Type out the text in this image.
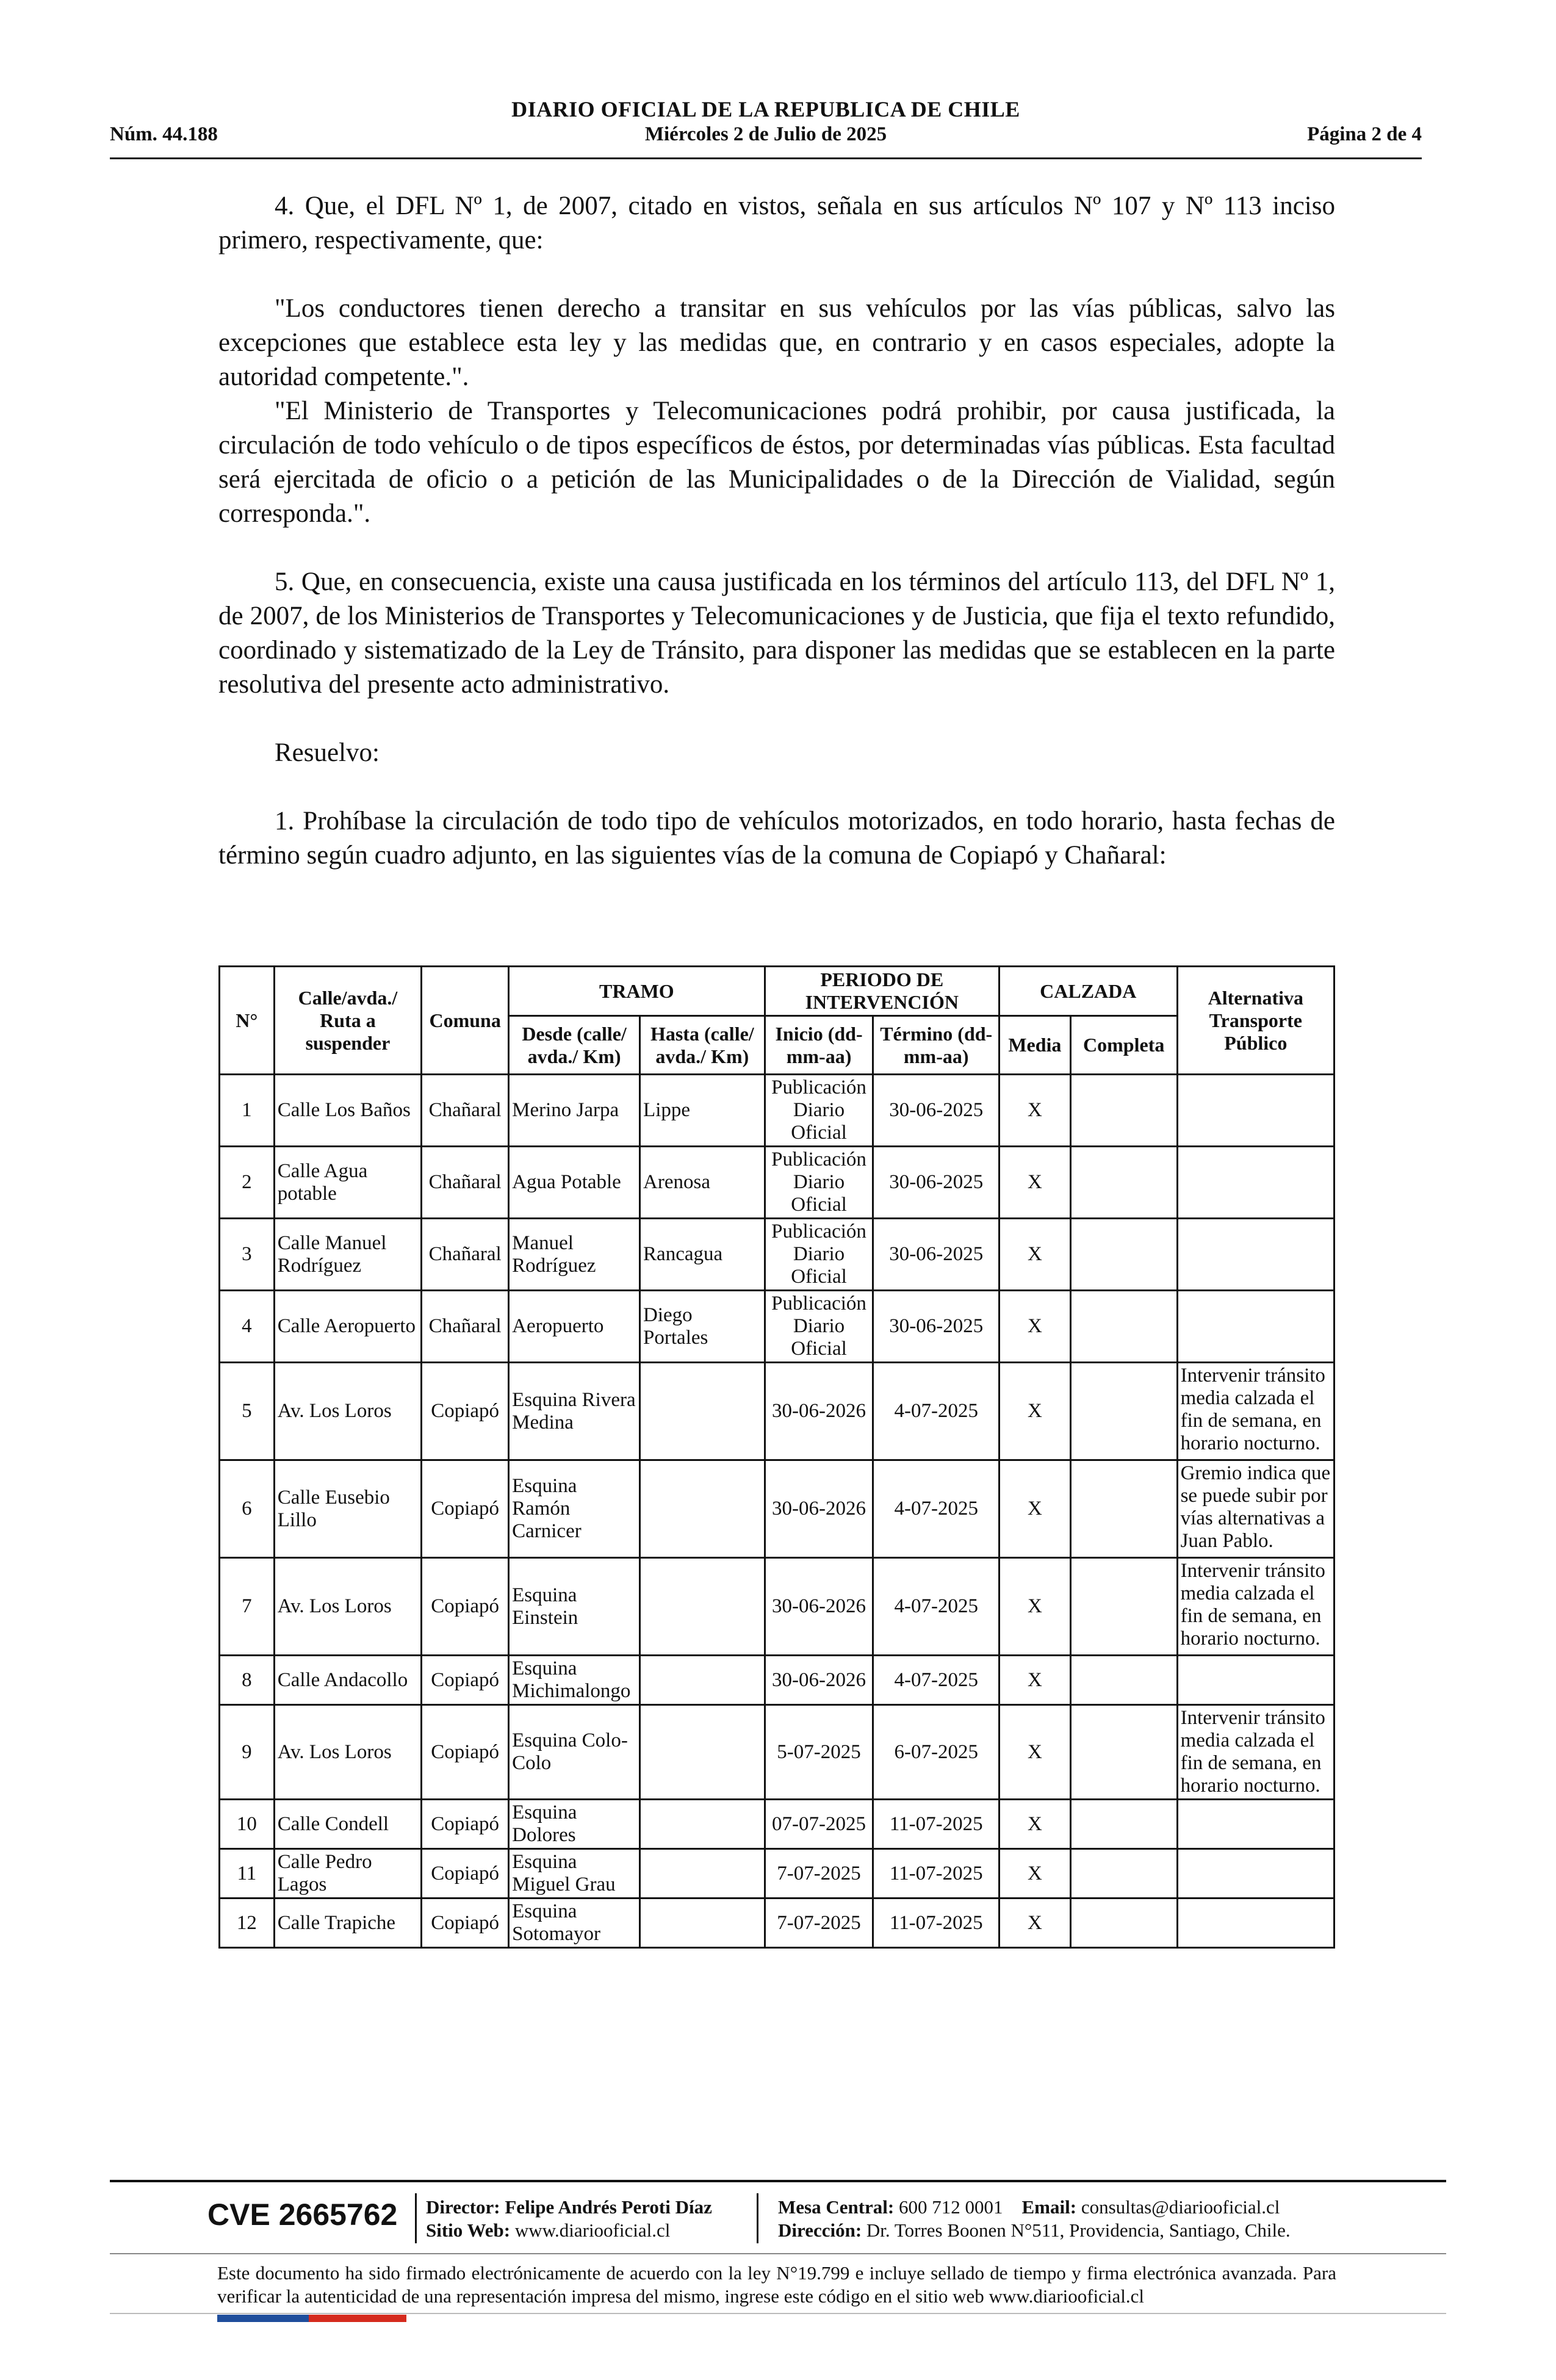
DIARIO OFICIAL DE LA REPUBLICA DE CHILE
Núm. 44.188	Miércoles 2 de Julio de 2025	Página 2 de 4

4. Que, el DFL Nº 1, de 2007, citado en vistos, señala en sus artículos Nº 107 y Nº 113 inciso primero, respectivamente, que:

"Los conductores tienen derecho a transitar en sus vehículos por las vías públicas, salvo las excepciones que establece esta ley y las medidas que, en contrario y en casos especiales, adopte la autoridad competente.".

"El Ministerio de Transportes y Telecomunicaciones podrá prohibir, por causa justificada, la circulación de todo vehículo o de tipos específicos de éstos, por determinadas vías públicas. Esta facultad será ejercitada de oficio o a petición de las Municipalidades o de la Dirección de Vialidad, según corresponda.".

5. Que, en consecuencia, existe una causa justificada en los términos del artículo 113, del DFL Nº 1, de 2007, de los Ministerios de Transportes y Telecomunicaciones y de Justicia, que fija el texto refundido, coordinado y sistematizado de la Ley de Tránsito, para disponer las medidas que se establecen en la parte resolutiva del presente acto administrativo.

Resuelvo:

1. Prohíbase la circulación de todo tipo de vehículos motorizados, en todo horario, hasta fechas de término según cuadro adjunto, en las siguientes vías de la comuna de Copiapó y Chañaral:

N°	Calle/avda./ Ruta a suspender	Comuna	TRAMO		PERIODO DE INTERVENCIÓN		CALZADA		Alternativa Transporte Público
			Desde (calle/ avda./ Km)	Hasta (calle/ avda./ Km)	Inicio (dd-mm-aa)	Término (dd-mm-aa)	Media	Completa	
1	Calle Los Baños	Chañaral	Merino Jarpa	Lippe	Publicación Diario Oficial	30-06-2025	X		
2	Calle Agua potable	Chañaral	Agua Potable	Arenosa	Publicación Diario Oficial	30-06-2025	X		
3	Calle Manuel Rodríguez	Chañaral	Manuel Rodríguez	Rancagua	Publicación Diario Oficial	30-06-2025	X		
4	Calle Aeropuerto	Chañaral	Aeropuerto	Diego Portales	Publicación Diario Oficial	30-06-2025	X		
5	Av. Los Loros	Copiapó	Esquina Rivera Medina		30-06-2026	4-07-2025	X		Intervenir tránsito media calzada el fin de semana, en horario nocturno.
6	Calle Eusebio Lillo	Copiapó	Esquina Ramón Carnicer		30-06-2026	4-07-2025	X		Gremio indica que se puede subir por vías alternativas a Juan Pablo.
7	Av. Los Loros	Copiapó	Esquina Einstein		30-06-2026	4-07-2025	X		Intervenir tránsito media calzada el fin de semana, en horario nocturno.
8	Calle Andacollo	Copiapó	Esquina Michimalongo		30-06-2026	4-07-2025	X		
9	Av. Los Loros	Copiapó	Esquina Colo-Colo		5-07-2025	6-07-2025	X		Intervenir tránsito media calzada el fin de semana, en horario nocturno.
10	Calle Condell	Copiapó	Esquina Dolores		07-07-2025	11-07-2025	X		
11	Calle Pedro Lagos	Copiapó	Esquina Miguel Grau		7-07-2025	11-07-2025	X		
12	Calle Trapiche	Copiapó	Esquina Sotomayor		7-07-2025	11-07-2025	X		
CVE 2665762 Director: Felipe Andrés Peroti Díaz
Sitio Web: www.diariooficial.cl
Mesa Central: 600 712 0001 Email: consultas@diariooficial.cl
Dirección: Dr. Torres Boonen N°511, Providencia, Santiago, Chile.
Este documento ha sido firmado electrónicamente de acuerdo con la ley N°19.799 e incluye sellado de tiempo y firma electrónica avanzada. Para verificar la autenticidad de una representación impresa del mismo, ingrese este código en el sitio web www.diariooficial.cl
